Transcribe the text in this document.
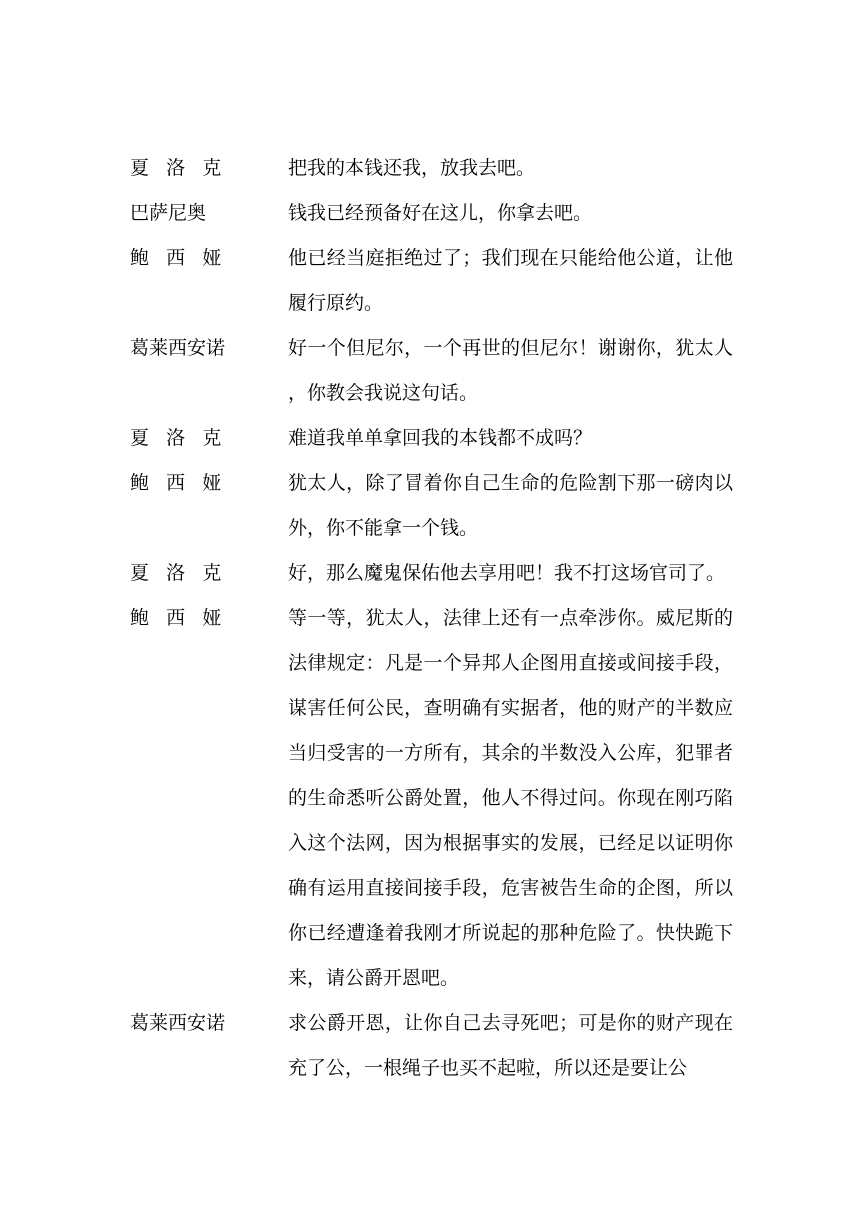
夏洛克	把我的本钱还我，放我去吧。
巴萨尼奥	钱我已经预备好在这儿，你拿去吧。
鲍西娅	他已经当庭拒绝过了；我们现在只能给他公道，让他履行原约。
葛莱西安诺	好一个但尼尔，一个再世的但尼尔！谢谢你，犹太人，你教会我说这句话。
夏洛克	难道我单单拿回我的本钱都不成吗？
鲍西娅	犹太人，除了冒着你自己生命的危险割下那一磅肉以外，你不能拿一个钱。
夏洛克	好，那么魔鬼保佑他去享用吧！我不打这场官司了。
鲍西娅	等一等，犹太人，法律上还有一点牵涉你。威尼斯的法律规定：凡是一个异邦人企图用直接或间接手段，谋害任何公民，查明确有实据者，他的财产的半数应当归受害的一方所有，其余的半数没入公库，犯罪者的生命悉听公爵处置，他人不得过问。你现在刚巧陷入这个法网，因为根据事实的发展，已经足以证明你确有运用直接间接手段，危害被告生命的企图，所以你已经遭逢着我刚才所说起的那种危险了。快快跪下来，请公爵开恩吧。
葛莱西安诺	求公爵开恩，让你自己去寻死吧；可是你的财产现在充了公，一根绳子也买不起啦，所以还是要让公
